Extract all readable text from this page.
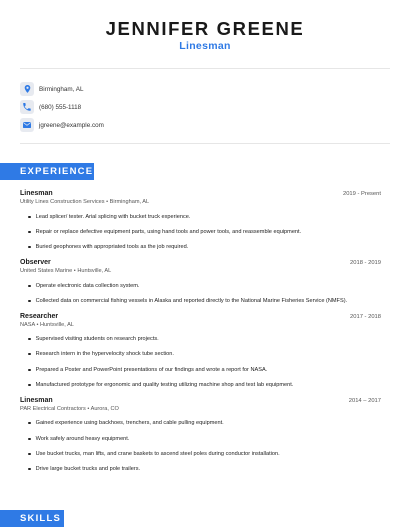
JENNIFER GREENE
Linesman
Birmingham, AL
(680) 555-1118
jgreene@example.com
EXPERIENCE
Linesman	2019 - Present
Utility Lines Construction Services • Birmingham, AL
Lead splicer/ tester. Arial splicing with bucket truck experience.
Repair or replace defective equipment parts, using hand tools and power tools, and reassemble equipment.
Buried geophones with appropriated tools as the job required.
Observer	2018 - 2019
United States Marine • Huntsville, AL
Operate electronic data collection system.
Collected data on commercial fishing vessels in Alaska and reported directly to the National Marine Fisheries Service (NMFS).
Researcher	2017 - 2018
NASA • Huntsville, AL
Supervised visiting students on research projects.
Research intern in the hypervelocity shock tube section.
Prepared a Poster and PowerPoint presentations of our findings and wrote a report for NASA.
Manufactured prototype for ergonomic and quality testing utilizing machine shop and test lab equipment.
Linesman	2014 – 2017
PAR Electrical Contractors • Aurora, CO
Gained experience using backhoes, trenchers, and cable pulling equipment.
Work safely around heavy equipment.
Use bucket trucks, man lifts, and crane baskets to ascend steel poles during conductor installation.
Drive large bucket trucks and pole trailers.
SKILLS
